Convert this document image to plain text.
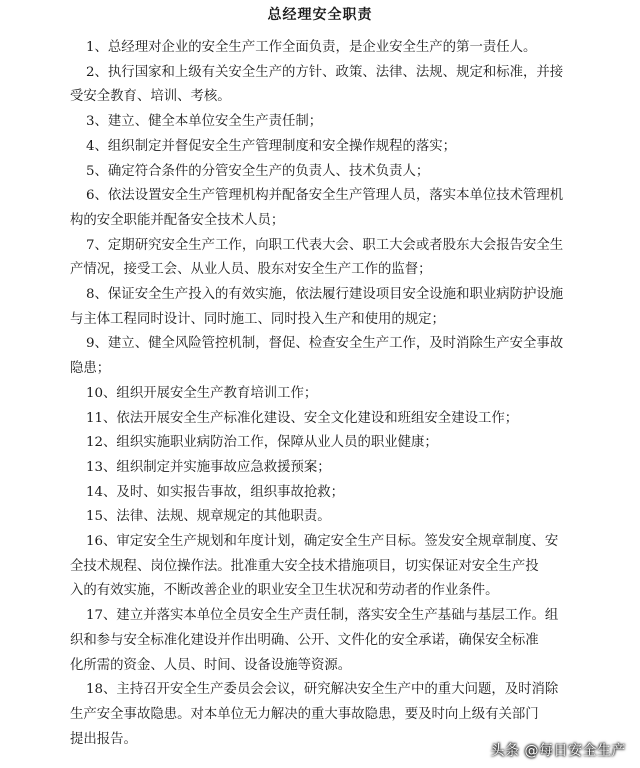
总经理安全职责
1、总经理对企业的安全生产工作全面负责，是企业安全生产的第一责任人。
2、执行国家和上级有关安全生产的方针、政策、法律、法规、规定和标准，并接
受安全教育、培训、考核。
3、建立、健全本单位安全生产责任制；
4、组织制定并督促安全生产管理制度和安全操作规程的落实；
5、确定符合条件的分管安全生产的负责人、技术负责人；
6、依法设置安全生产管理机构并配备安全生产管理人员，落实本单位技术管理机
构的安全职能并配备安全技术人员；
7、定期研究安全生产工作，向职工代表大会、职工大会或者股东大会报告安全生
产情况，接受工会、从业人员、股东对安全生产工作的监督；
8、保证安全生产投入的有效实施，依法履行建设项目安全设施和职业病防护设施
与主体工程同时设计、同时施工、同时投入生产和使用的规定；
9、建立、健全风险管控机制，督促、检查安全生产工作，及时消除生产安全事故
隐患；
10、组织开展安全生产教育培训工作；
11、依法开展安全生产标准化建设、安全文化建设和班组安全建设工作；
12、组织实施职业病防治工作，保障从业人员的职业健康；
13、组织制定并实施事故应急救援预案；
14、及时、如实报告事故，组织事故抢救；
15、法律、法规、规章规定的其他职责。
16、审定安全生产规划和年度计划，确定安全生产目标。签发安全规章制度、安
全技术规程、岗位操作法。批准重大安全技术措施项目，切实保证对安全生产投
入的有效实施，不断改善企业的职业安全卫生状况和劳动者的作业条件。
17、建立并落实本单位全员安全生产责任制，落实安全生产基础与基层工作。组
织和参与安全标准化建设并作出明确、公开、文件化的安全承诺，确保安全标准
化所需的资金、人员、时间、设备设施等资源。
18、主持召开安全生产委员会会议，研究解决安全生产中的重大问题，及时消除
生产安全事故隐患。对本单位无力解决的重大事故隐患，要及时向上级有关部门
提出报告。
头条 @每日安全生产
